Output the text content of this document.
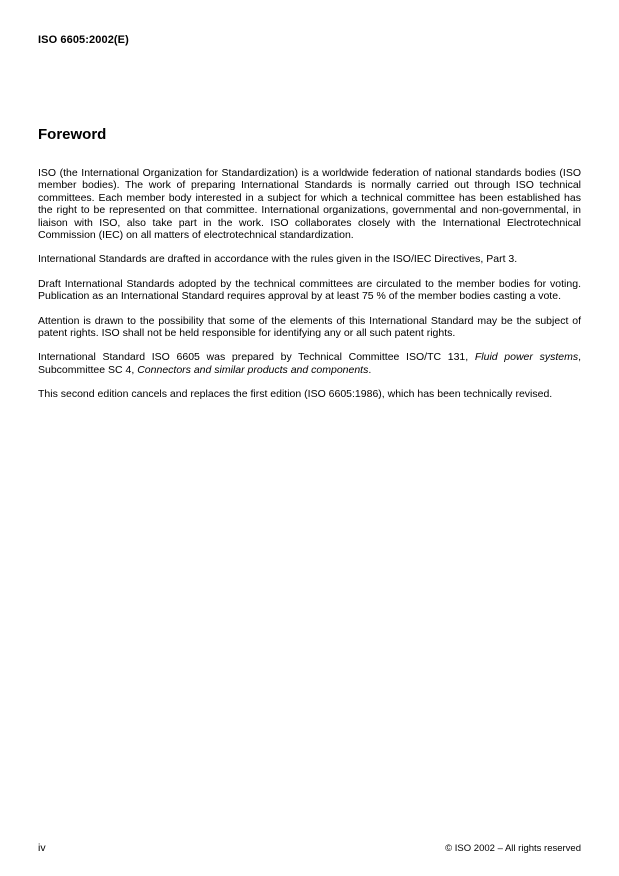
ISO 6605:2002(E)
Foreword

ISO (the International Organization for Standardization) is a worldwide federation of national standards bodies (ISO member bodies). The work of preparing International Standards is normally carried out through ISO technical committees. Each member body interested in a subject for which a technical committee has been established has the right to be represented on that committee. International organizations, governmental and non-governmental, in liaison with ISO, also take part in the work. ISO collaborates closely with the International Electrotechnical Commission (IEC) on all matters of electrotechnical standardization.

International Standards are drafted in accordance with the rules given in the ISO/IEC Directives, Part 3.

Draft International Standards adopted by the technical committees are circulated to the member bodies for voting. Publication as an International Standard requires approval by at least 75 % of the member bodies casting a vote.

Attention is drawn to the possibility that some of the elements of this International Standard may be the subject of patent rights. ISO shall not be held responsible for identifying any or all such patent rights.

International Standard ISO 6605 was prepared by Technical Committee ISO/TC 131, Fluid power systems, Subcommittee SC 4, Connectors and similar products and components.

This second edition cancels and replaces the first edition (ISO 6605:1986), which has been technically revised.

iv	© ISO 2002 – All rights reserved
